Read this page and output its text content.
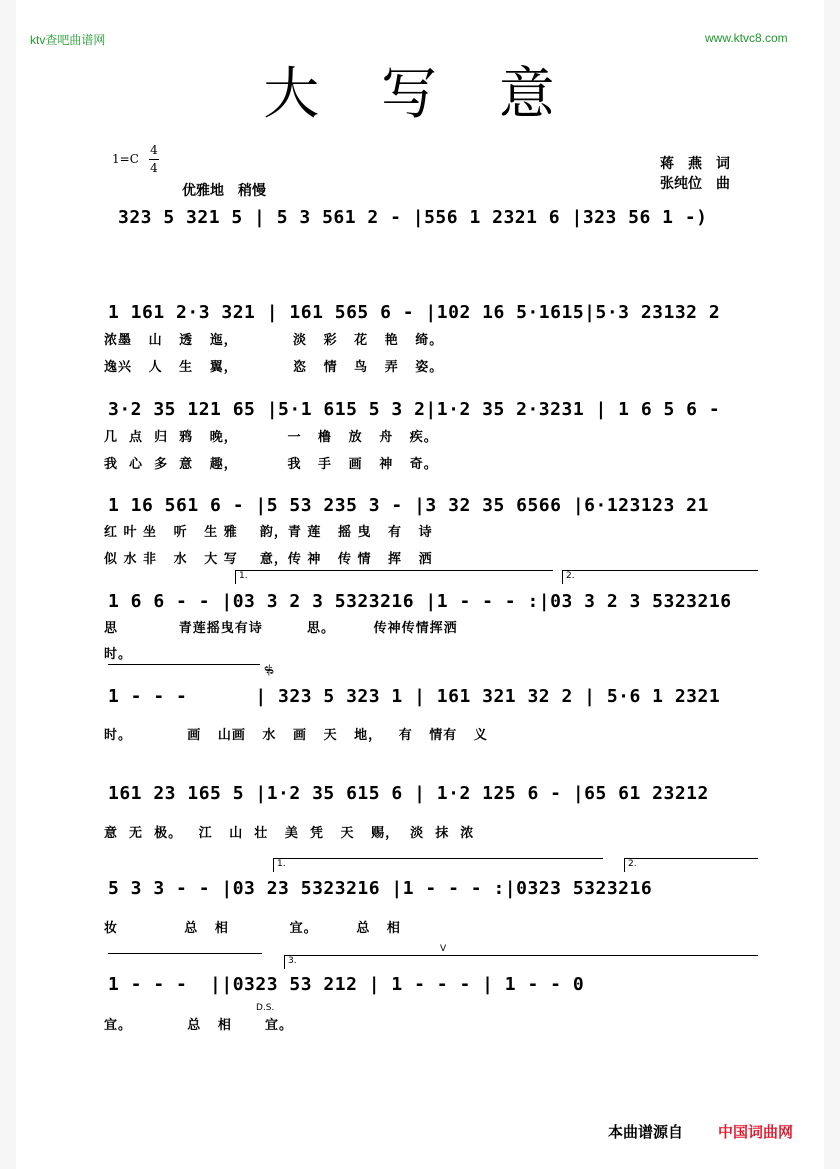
ktv查吧曲谱网	www.ktvc8.com
大 写 意
1=C
4
4
优雅地　稍慢
蒋　燕　词
张纯位　曲
323 5 321 5 | 5 3 561 2 - |556 1 2321 6 |323 56 1 -)
1 161 2·3 321 | 161 565 6 - |102 16 5·1615|5·3 23132 2
浓墨   山   透   迤，          淡   彩   花   艳   绮。
逸兴   人   生   翼，          恣   情   鸟   弄   姿。
3·2 35 121 65 |5·1 615 5 3 2|1·2 35 2·3231 | 1 6 5 6 -
几  点  归  鸦   晚，         一   橹   放   舟   疾。
我  心  多  意   趣，         我   手   画   神   奇。
1 16 561 6 - |5 53 235 3 - |3 32 35 6566 |6·123123 21
红 叶 坐   听   生 雅    韵，青 莲   摇 曳   有   诗
似 水 非   水   大 写    意，传 神   传 情   挥   洒
1.	2.
1 6 6 - - |03 3 2 3 5323216 |1 - - - :|03 3 2 3 5323216
思           青莲摇曳有诗        思。       传神传情挥洒
时。
𝄋
1 - - -      | 323 5 323 1 | 161 321 32 2 | 5·6 1 2321
时。          画   山画   水   画   天   地，   有   情有   义
161 23 165 5 |1·2 35 615 6 | 1·2 125 6 - |65 61 23212
意  无  极。   江   山  壮   美  凭   天   赐，  淡  抹  浓
1.	2.
5 3 3 - - |03 23 5323216 |1 - - - :|0323 5323216
妆            总   相           宜。       总   相
3.
V
1 - - -  ||0323 53 212 | 1 - - - | 1 - - 0
D.S.
宜。          总   相      宜。
本曲谱源自 中国词曲网
